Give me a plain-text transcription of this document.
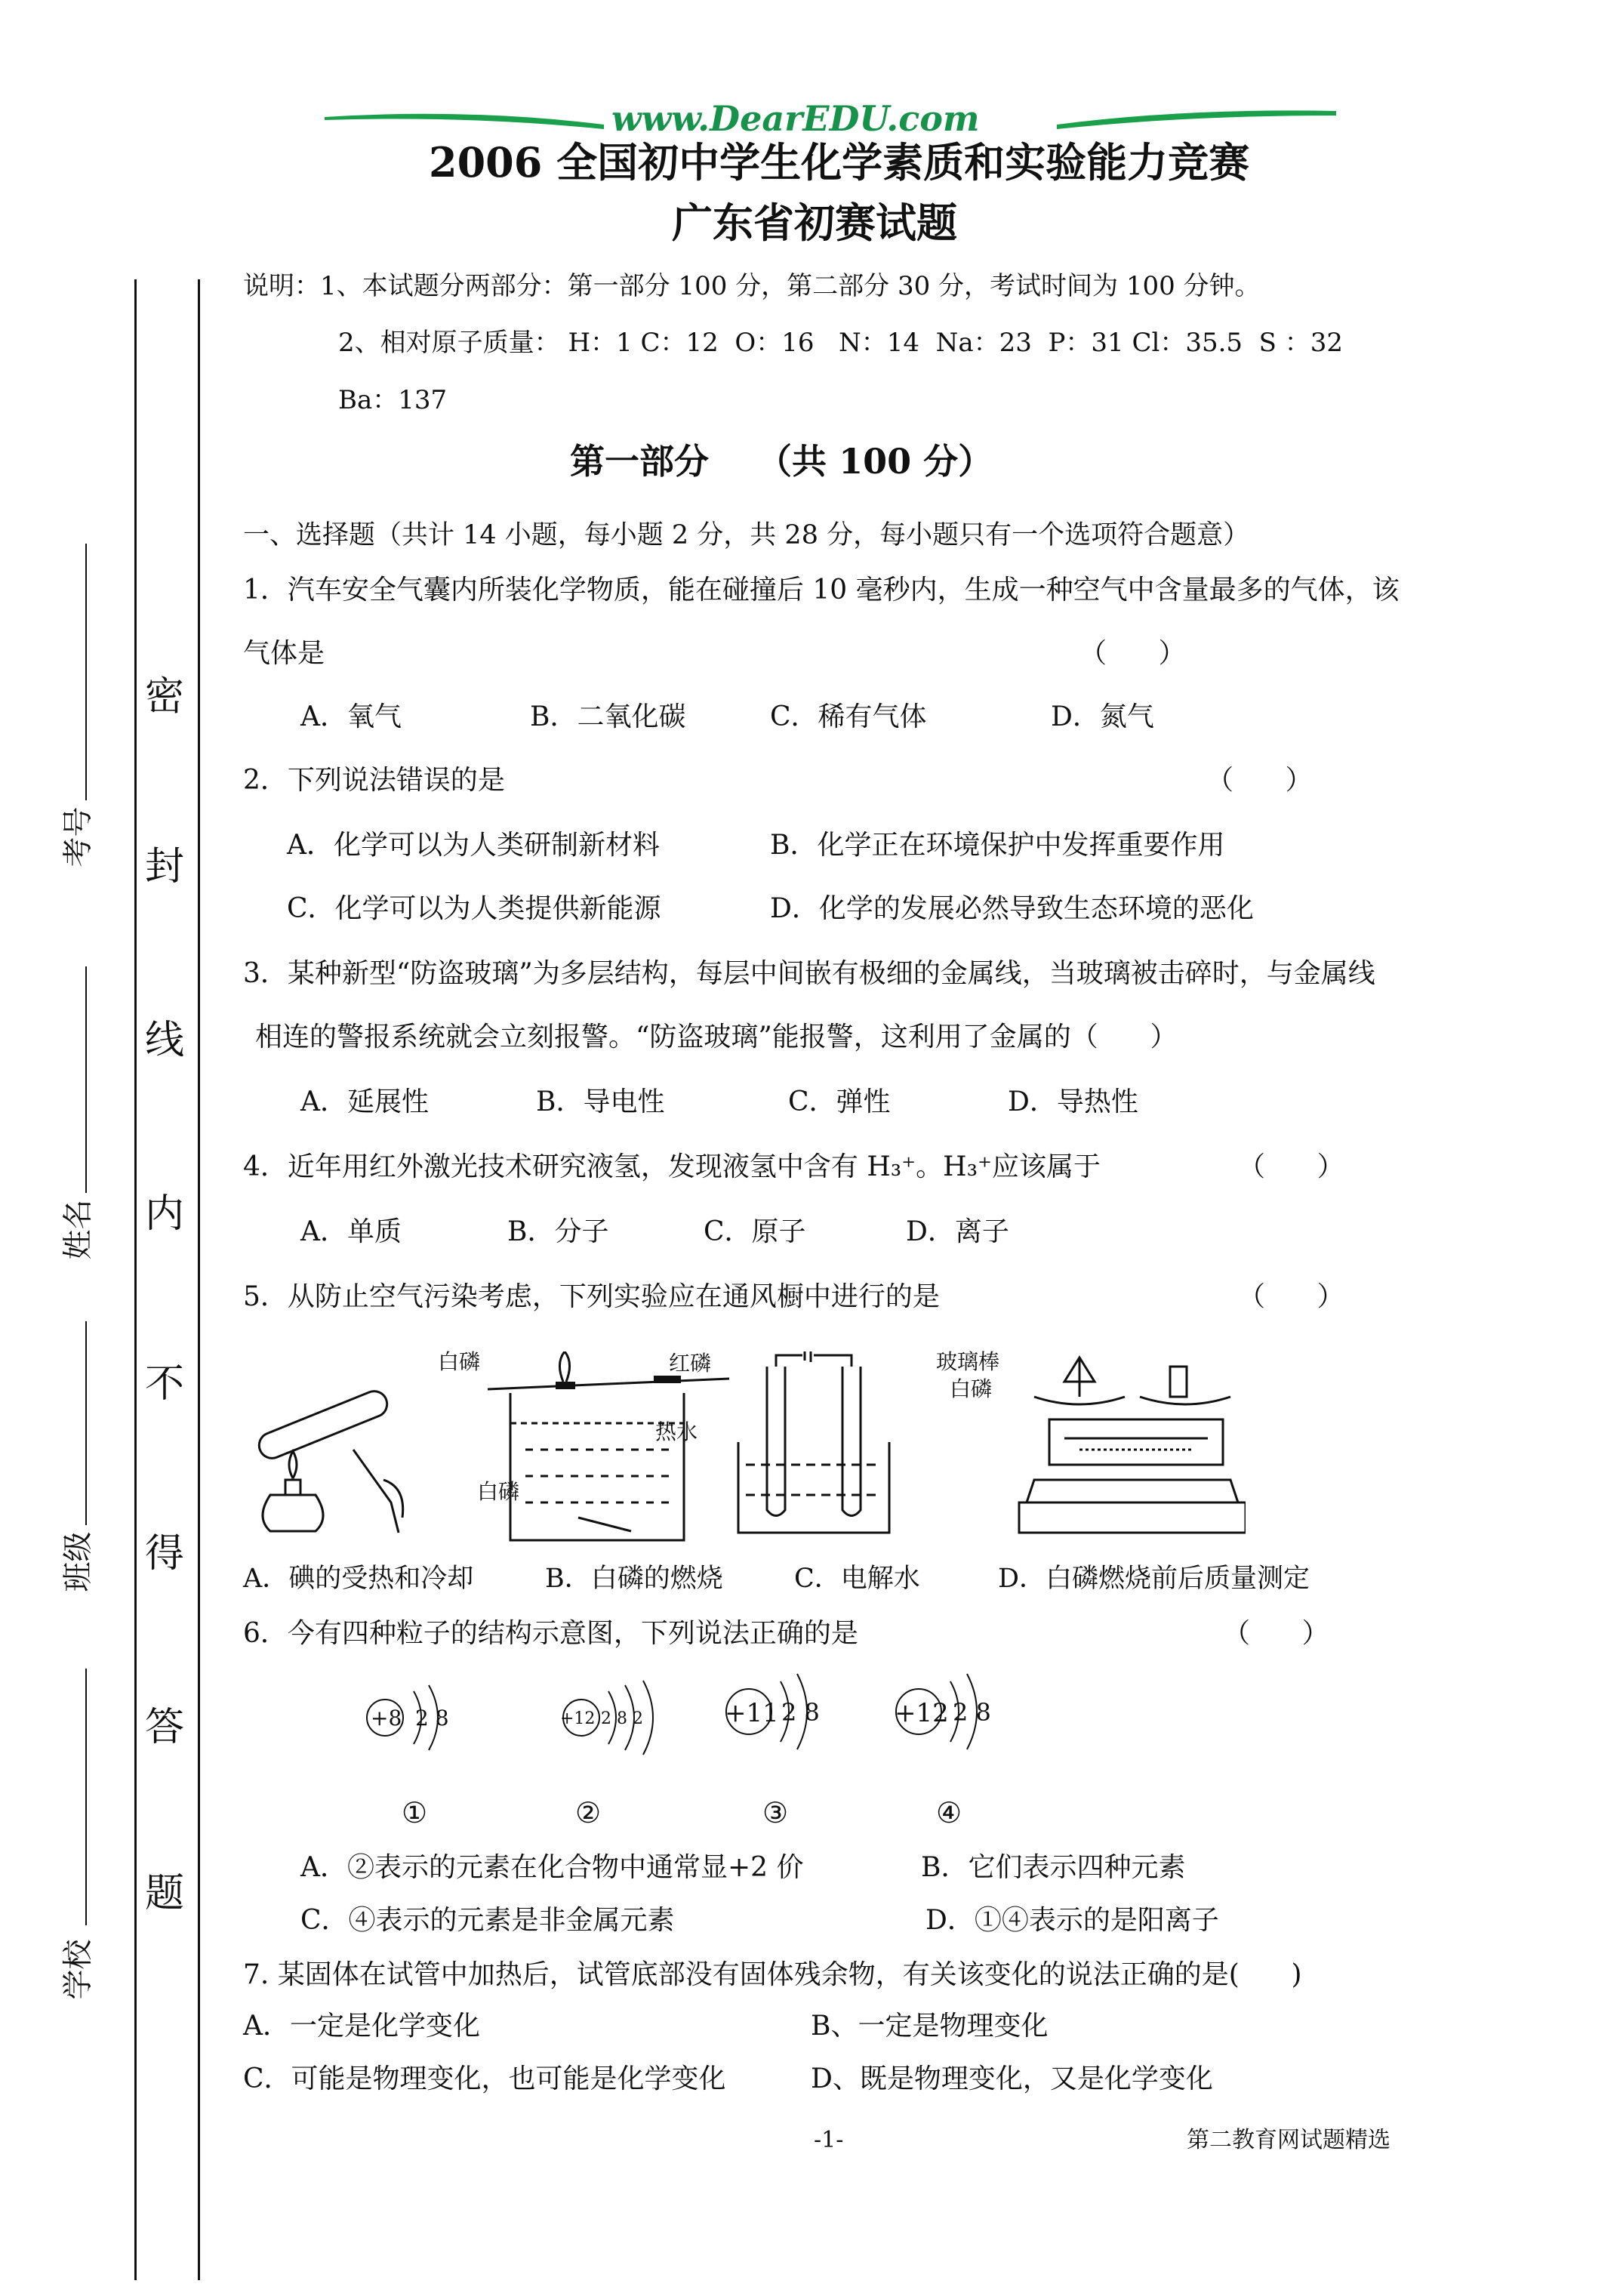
密
封
线
内
不
得
答
题
考号
姓名
班级
学校
www.DearEDU.com
2006 全国初中学生化学素质和实验能力竞赛
广东省初赛试题
说明：1、本试题分两部分：第一部分 100 分，第二部分 30 分，考试时间为 100 分钟。
2、相对原子质量： H：1 C：12  O：16   N：14  Na：23  P：31 Cl：35.5  S ：32
Ba：137
第一部分    （共 100 分）
一、选择题（共计 14 小题，每小题 2 分，共 28 分，每小题只有一个选项符合题意）
1．汽车安全气囊内所装化学物质，能在碰撞后 10 毫秒内，生成一种空气中含量最多的气体，该
气体是	（      ）
A．氧气	B．二氧化碳	C．稀有气体	D．氮气
2．下列说法错误的是	（      ）
A．化学可以为人类研制新材料	B．化学正在环境保护中发挥重要作用
C．化学可以为人类提供新能源	D．化学的发展必然导致生态环境的恶化
3．某种新型“防盗玻璃”为多层结构，每层中间嵌有极细的金属线，当玻璃被击碎时，与金属线
相连的警报系统就会立刻报警。“防盗玻璃”能报警，这利用了金属的（      ）
A．延展性	B．导电性	C．弹性	D．导热性
4．近年用红外激光技术研究液氢，发现液氢中含有 H₃⁺。H₃⁺应该属于	（      ）
A．单质	B．分子	C．原子	D．离子
5．从防止空气污染考虑，下列实验应在通风橱中进行的是	（      ）
白磷	红磷
热水
白磷
玻璃棒
白磷
A．碘的受热和冷却	B．白磷的燃烧	C．电解水	D．白磷燃烧前后质量测定
6．今有四种粒子的结构示意图，下列说法正确的是	（      ）
+8 2 8	+12 2 8 2	+11 2 8	+12 2 8
①	②	③	④
A．②表示的元素在化合物中通常显+2 价	B．它们表示四种元素
C．④表示的元素是非金属元素	D．①④表示的是阳离子
7. 某固体在试管中加热后，试管底部没有固体残余物，有关该变化的说法正确的是(      )
A．一定是化学变化	B、一定是物理变化
C．可能是物理变化，也可能是化学变化	D、既是物理变化，又是化学变化
-1-	第二教育网试题精选
